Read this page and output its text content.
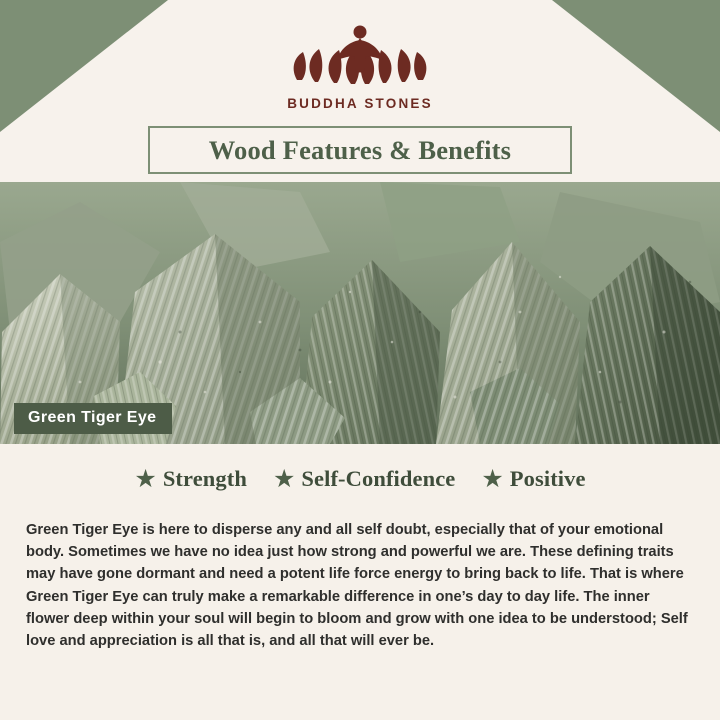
BUDDHA STONES
Wood Features & Benefits
Green Tiger Eye
★ Strength ★ Self-Confidence ★ Positive

Green Tiger Eye is here to disperse any and all self doubt, especially that of your emotional body. Sometimes we have no idea just how strong and powerful we are. These defining traits may have gone dormant and need a potent life force energy to bring back to life. That is where Green Tiger Eye can truly make a remarkable difference in one’s day to day life. The inner flower deep within your soul will begin to bloom and grow with one idea to be understood; Self love and appreciation is all that is, and all that will ever be.
